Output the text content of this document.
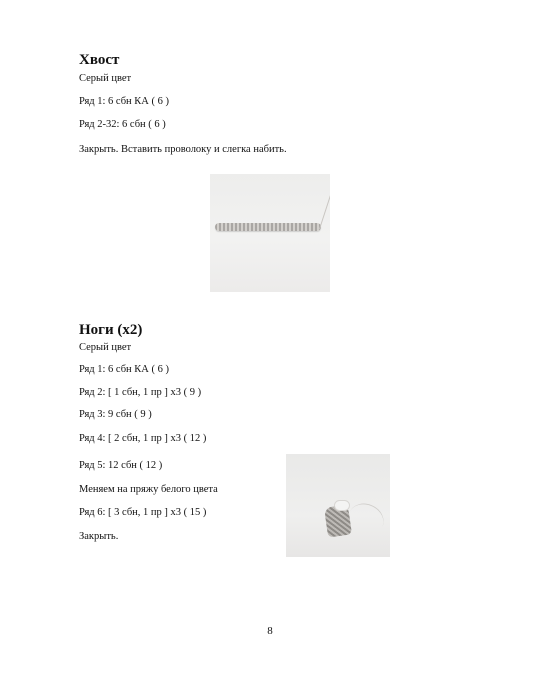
Хвост

Серый цвет

Ряд 1: 6 сбн КА ( 6 )

Ряд 2-32: 6 сбн ( 6 )

Закрыть. Вставить проволоку и слегка набить.

Ноги (x2)

Серый цвет

Ряд 1: 6 сбн КА ( 6 )

Ряд 2: [ 1 сбн, 1 пр ] x3 ( 9 )

Ряд 3: 9 сбн ( 9 )

Ряд 4: [ 2 сбн, 1 пр ] x3 ( 12 )

Ряд 5: 12 сбн ( 12 )

Меняем на пряжу белого цвета

Ряд 6: [ 3 сбн, 1 пр ] x3 ( 15 )

Закрыть.

8
